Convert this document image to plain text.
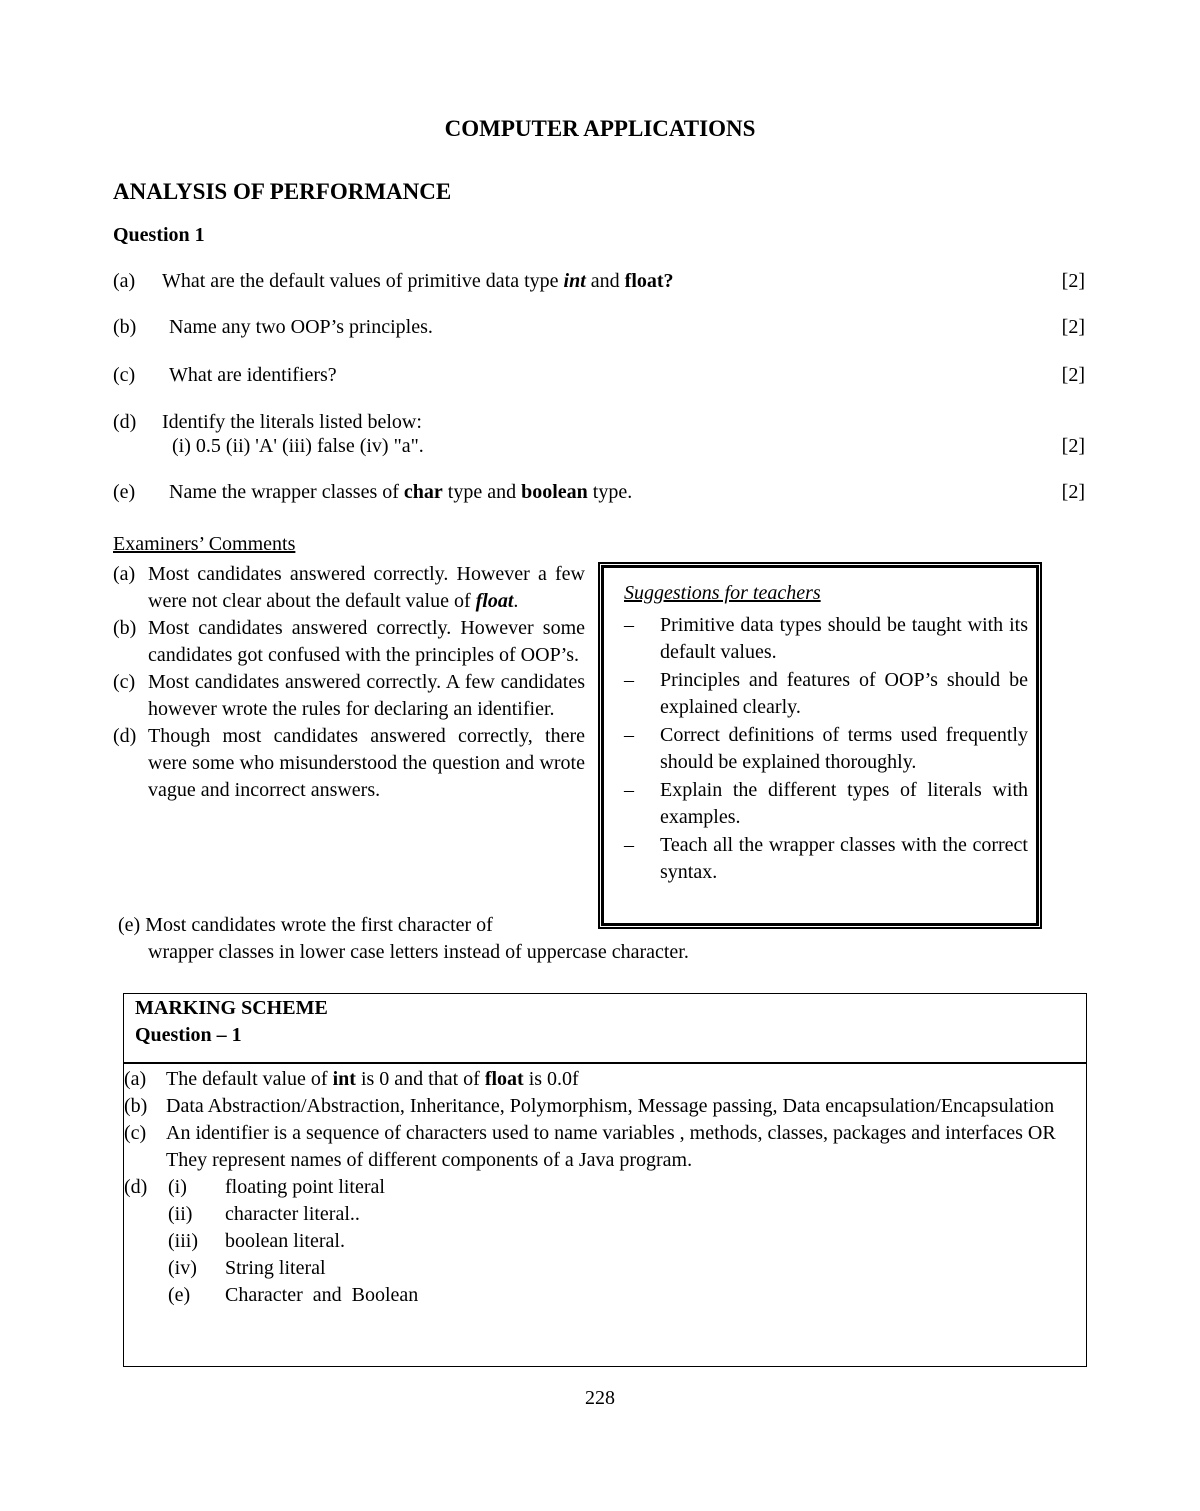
COMPUTER APPLICATIONS
ANALYSIS OF PERFORMANCE
Question 1
(a) What are the default values of primitive data type int and float?	[2]
(b) Name any two OOP’s principles.	[2]
(c) What are identifiers?	[2]
(d) Identify the literals listed below:
(i) 0.5 (ii) 'A' (iii) false (iv) "a".	[2]
(e) Name the wrapper classes of char type and boolean type.	[2]
Examiners’ Comments
(a) Most candidates answered correctly. However a few were not clear about the default value of float.
(b) Most candidates answered correctly. However some candidates got confused with the principles of OOP’s.
(c) Most candidates answered correctly. A few candidates however wrote the rules for declaring an identifier.
(d) Though most candidates answered correctly, there were some who misunderstood the question and wrote vague and incorrect answers.
(e) Most candidates wrote the first character of
wrapper classes in lower case letters instead of uppercase character.
Suggestions for teachers
– Primitive data types should be taught with its default values.
– Principles and features of OOP’s should be explained clearly.
– Correct definitions of terms used frequently should be explained thoroughly.
– Explain the different types of literals with examples.
– Teach all the wrapper classes with the correct syntax.
MARKING SCHEME
Question – 1
(a) The default value of int is 0 and that of float is 0.0f
(b) Data Abstraction/Abstraction, Inheritance, Polymorphism, Message passing, Data encapsulation/Encapsulation
(c) An identifier is a sequence of characters used to name variables , methods, classes, packages and interfaces OR
They represent names of different components of a Java program.
(d) (i) floating point literal
(ii) character literal..
(iii) boolean literal.
(iv) String literal
(e) Character  and  Boolean
228
